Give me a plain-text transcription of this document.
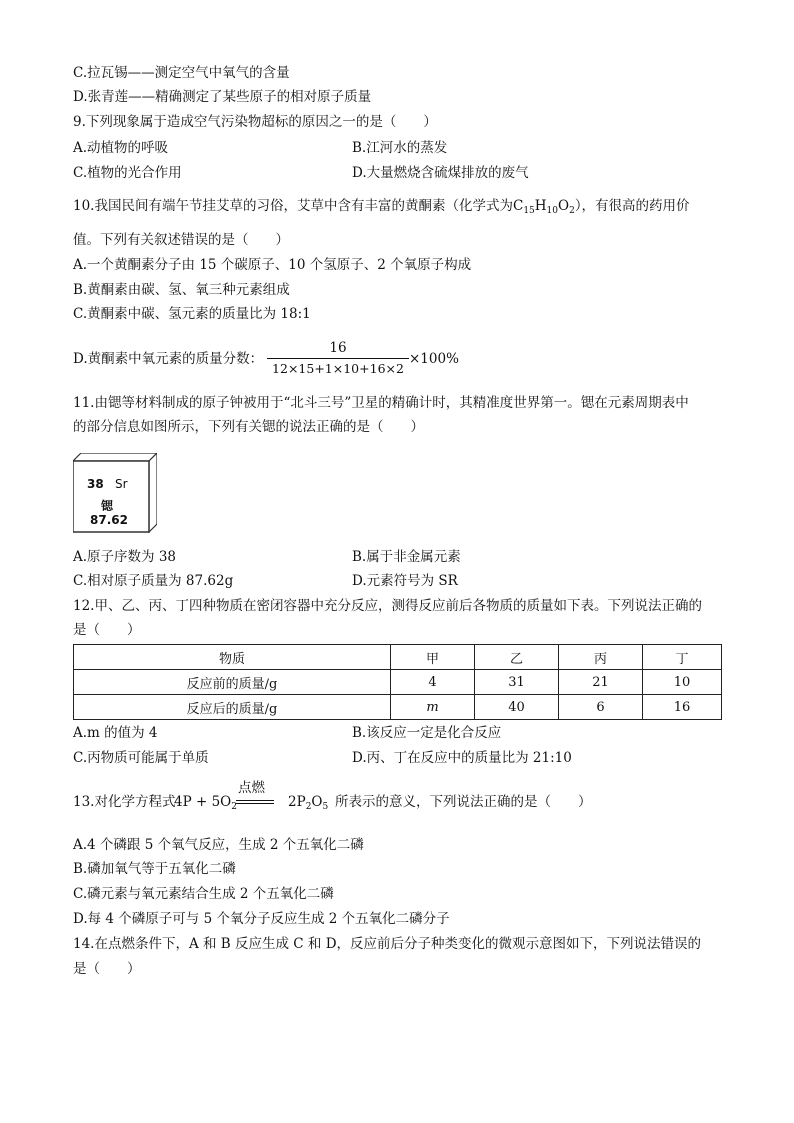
C.拉瓦锡——测定空气中氧气的含量
D.张青莲——精确测定了某些原子的相对原子质量
9.下列现象属于造成空气污染物超标的原因之一的是（　　）
A.动植物的呼吸	B.江河水的蒸发
C.植物的光合作用	D.大量燃烧含硫煤排放的废气
10.我国民间有端午节挂艾草的习俗，艾草中含有丰富的黄酮素（化学式为$C_{15}H_{10}O_2$），有很高的药用价
值。下列有关叙述错误的是（　　）
A.一个黄酮素分子由 15 个碳原子、10 个氢原子、2 个氧原子构成
B.黄酮素由碳、氢、氧三种元素组成
C.黄酮素中碳、氢元素的质量比为 18:1
D.黄酮素中氧元素的质量分数：
16
12×15+1×10+16×2
×100%
11.由锶等材料制成的原子钟被用于“北斗三号”卫星的精确计时，其精准度世界第一。锶在元素周期表中
的部分信息如图所示，下列有关锶的说法正确的是（　　）
38 Sr
锶
87.62
A.原子序数为 38	B.属于非金属元素
C.相对原子质量为 87.62g	D.元素符号为 SR
12.甲、乙、丙、丁四种物质在密闭容器中充分反应，测得反应前后各物质的质量如下表。下列说法正确的
是（　　）
物质	甲	乙	丙	丁
反应前的质量/g	4	31	21	10
反应后的质量/g	m	40	6	16
A.m 的值为 4	B.该反应一定是化合反应
C.丙物质可能属于单质	D.丙、丁在反应中的质量比为 21:10
13.对化学方程式
$4P + 5O_2$
点燃
$2P_2O_5$ 所表示的意义，下列说法正确的是（　　）
A.4 个磷跟 5 个氧气反应，生成 2 个五氧化二磷
B.磷加氧气等于五氧化二磷
C.磷元素与氧元素结合生成 2 个五氧化二磷
D.每 4 个磷原子可与 5 个氧分子反应生成 2 个五氧化二磷分子
14.在点燃条件下，A 和 B 反应生成 C 和 D，反应前后分子种类变化的微观示意图如下，下列说法错误的
是（　　）
